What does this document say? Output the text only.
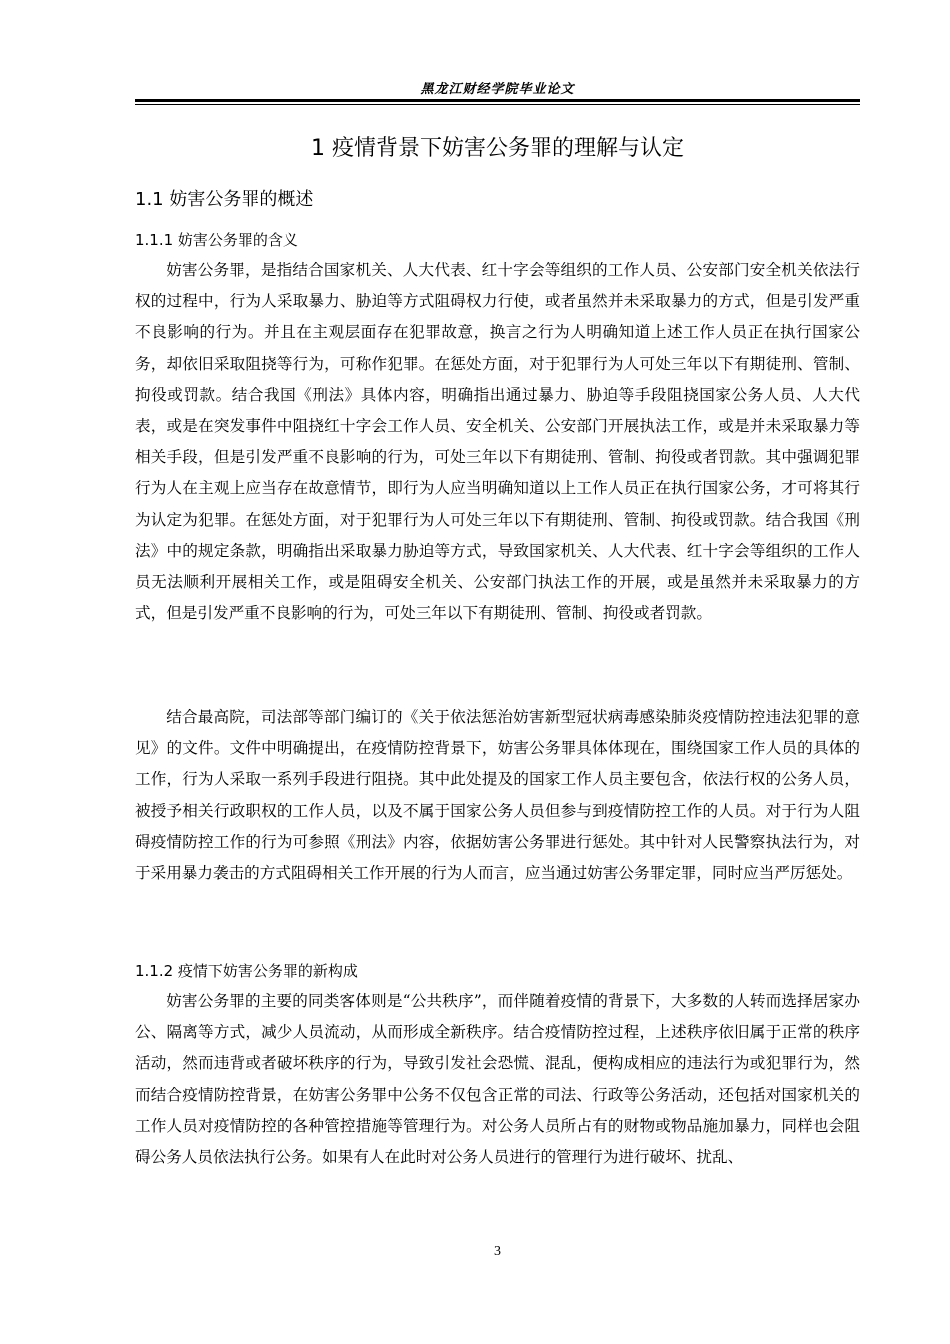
黑龙江财经学院毕业论文
1 疫情背景下妨害公务罪的理解与认定
1.1 妨害公务罪的概述
1.1.1 妨害公务罪的含义

妨害公务罪，是指结合国家机关、人大代表、红十字会等组织的工作人员、公安部门安全机关依法行权的过程中，行为人采取暴力、胁迫等方式阻碍权力行使，或者虽然并未采取暴力的方式，但是引发严重不良影响的行为。并且在主观层面存在犯罪故意，换言之行为人明确知道上述工作人员正在执行国家公务，却依旧采取阻挠等行为，可称作犯罪。在惩处方面，对于犯罪行为人可处三年以下有期徒刑、管制、拘役或罚款。结合我国《刑法》具体内容，明确指出通过暴力、胁迫等手段阻挠国家公务人员、人大代表，或是在突发事件中阻挠红十字会工作人员、安全机关、公安部门开展执法工作，或是并未采取暴力等相关手段，但是引发严重不良影响的行为，可处三年以下有期徒刑、管制、拘役或者罚款。其中强调犯罪行为人在主观上应当存在故意情节，即行为人应当明确知道以上工作人员正在执行国家公务，才可将其行为认定为犯罪。在惩处方面，对于犯罪行为人可处三年以下有期徒刑、管制、拘役或罚款。结合我国《刑法》中的规定条款，明确指出采取暴力胁迫等方式，导致国家机关、人大代表、红十字会等组织的工作人员无法顺利开展相关工作，或是阻碍安全机关、公安部门执法工作的开展，或是虽然并未采取暴力的方式，但是引发严重不良影响的行为，可处三年以下有期徒刑、管制、拘役或者罚款。

结合最高院，司法部等部门编订的《关于依法惩治妨害新型冠状病毒感染肺炎疫情防控违法犯罪的意见》的文件。文件中明确提出，在疫情防控背景下，妨害公务罪具体体现在，围绕国家工作人员的具体的工作，行为人采取一系列手段进行阻挠。其中此处提及的国家工作人员主要包含，依法行权的公务人员，被授予相关行政职权的工作人员，以及不属于国家公务人员但参与到疫情防控工作的人员。对于行为人阻碍疫情防控工作的行为可参照《刑法》内容，依据妨害公务罪进行惩处。其中针对人民警察执法行为，对于采用暴力袭击的方式阻碍相关工作开展的行为人而言，应当通过妨害公务罪定罪，同时应当严厉惩处。

1.1.2 疫情下妨害公务罪的新构成

妨害公务罪的主要的同类客体则是“公共秩序”，而伴随着疫情的背景下，大多数的人转而选择居家办公、隔离等方式，减少人员流动，从而形成全新秩序。结合疫情防控过程，上述秩序依旧属于正常的秩序活动，然而违背或者破坏秩序的行为，导致引发社会恐慌、混乱，便构成相应的违法行为或犯罪行为，然而结合疫情防控背景，在妨害公务罪中公务不仅包含正常的司法、行政等公务活动，还包括对国家机关的工作人员对疫情防控的各种管控措施等管理行为。对公务人员所占有的财物或物品施加暴力，同样也会阻碍公务人员依法执行公务。如果有人在此时对公务人员进行的管理行为进行破坏、扰乱、

3
